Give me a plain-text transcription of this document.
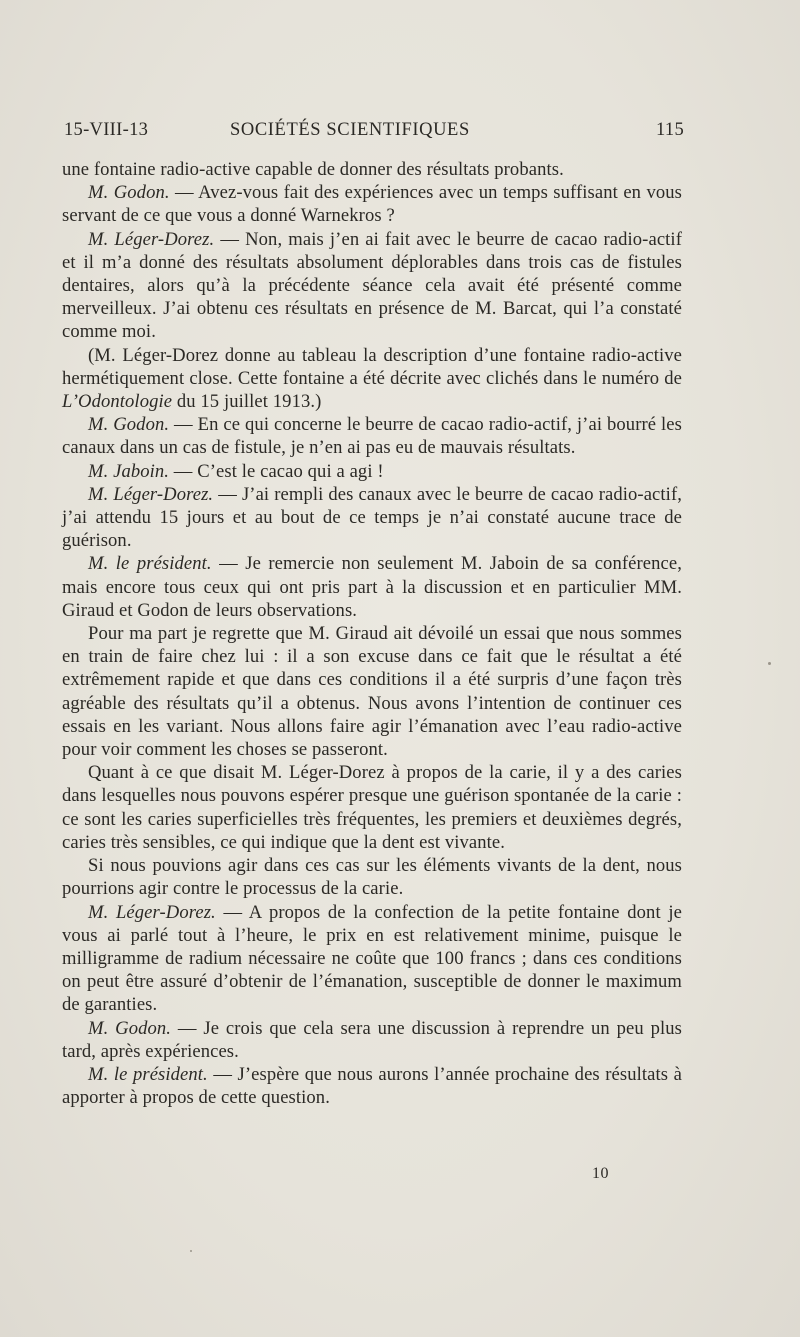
15-VIII-13	SOCIÉTÉS SCIENTIFIQUES	115

une fontaine radio-active capable de donner des résultats probants.

M. Godon. — Avez-vous fait des expériences avec un temps suffisant en vous servant de ce que vous a donné Warnekros ?

M. Léger-Dorez. — Non, mais j’en ai fait avec le beurre de cacao radio-actif et il m’a donné des résultats absolument déplorables dans trois cas de fistules dentaires, alors qu’à la précédente séance cela avait été présenté comme merveilleux. J’ai obtenu ces résultats en présence de M. Barcat, qui l’a constaté comme moi.

(M. Léger-Dorez donne au tableau la description d’une fontaine radio-active hermétiquement close. Cette fontaine a été décrite avec clichés dans le numéro de L’Odontologie du 15 juillet 1913.)

M. Godon. — En ce qui concerne le beurre de cacao radio-actif, j’ai bourré les canaux dans un cas de fistule, je n’en ai pas eu de mauvais résultats.

M. Jaboin. — C’est le cacao qui a agi !

M. Léger-Dorez. — J’ai rempli des canaux avec le beurre de cacao radio-actif, j’ai attendu 15 jours et au bout de ce temps je n’ai constaté aucune trace de guérison.

M. le président. — Je remercie non seulement M. Jaboin de sa conférence, mais encore tous ceux qui ont pris part à la discussion et en particulier MM. Giraud et Godon de leurs observations.

Pour ma part je regrette que M. Giraud ait dévoilé un essai que nous sommes en train de faire chez lui : il a son excuse dans ce fait que le résultat a été extrêmement rapide et que dans ces conditions il a été surpris d’une façon très agréable des résultats qu’il a obtenus. Nous avons l’intention de continuer ces essais en les variant. Nous allons faire agir l’émanation avec l’eau radio-active pour voir comment les choses se passeront.

Quant à ce que disait M. Léger-Dorez à propos de la carie, il y a des caries dans lesquelles nous pouvons espérer presque une guérison spontanée de la carie : ce sont les caries superficielles très fréquentes, les premiers et deuxièmes degrés, caries très sensibles, ce qui indique que la dent est vivante.

Si nous pouvions agir dans ces cas sur les éléments vivants de la dent, nous pourrions agir contre le processus de la carie.

M. Léger-Dorez. — A propos de la confection de la petite fontaine dont je vous ai parlé tout à l’heure, le prix en est relativement minime, puisque le milligramme de radium nécessaire ne coûte que 100 francs ; dans ces conditions on peut être assuré d’obtenir de l’émanation, susceptible de donner le maximum de garanties.

M. Godon. — Je crois que cela sera une discussion à reprendre un peu plus tard, après expériences.

M. le président. — J’espère que nous aurons l’année prochaine des résultats à apporter à propos de cette question.

10
